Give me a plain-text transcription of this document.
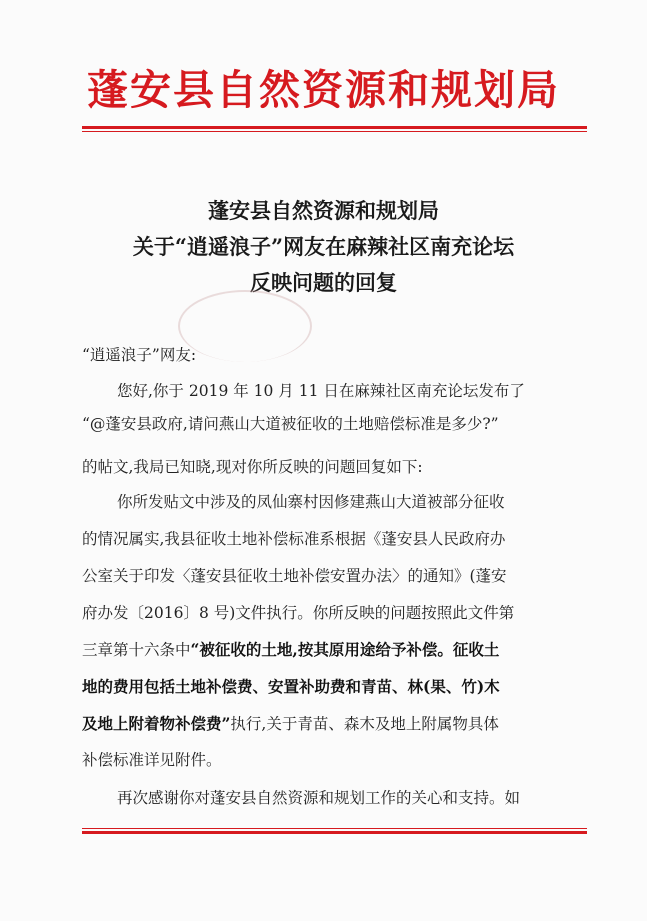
蓬安县自然资源和规划局
蓬安县自然资源和规划局
关于“逍遥浪子”网友在麻辣社区南充论坛
反映问题的回复
“逍遥浪子”网友:
您好,你于 2019 年 10 月 11 日在麻辣社区南充论坛发布了
“@蓬安县政府,请问燕山大道被征收的土地赔偿标准是多少?”
的帖文,我局已知晓,现对你所反映的问题回复如下:
你所发贴文中涉及的凤仙寨村因修建燕山大道被部分征收
的情况属实,我县征收土地补偿标准系根据《蓬安县人民政府办
公室关于印发〈蓬安县征收土地补偿安置办法〉的通知》(蓬安
府办发〔2016〕8 号)文件执行。你所反映的问题按照此文件第
三章第十六条中“被征收的土地,按其原用途给予补偿。征收土
地的费用包括土地补偿费、安置补助费和青苗、林(果、竹)木
及地上附着物补偿费”执行,关于青苗、森木及地上附属物具体
补偿标准详见附件。
再次感谢你对蓬安县自然资源和规划工作的关心和支持。如
